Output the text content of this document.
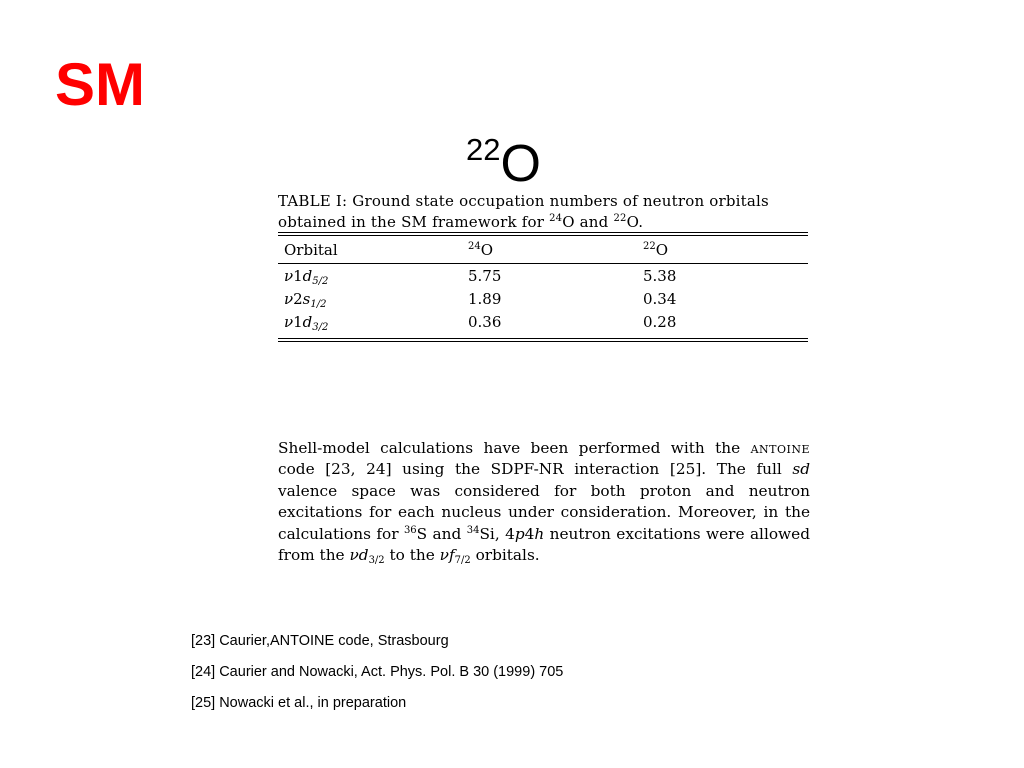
SM
$^{22}$O
TABLE I: Ground state occupation numbers of neutron orbitals obtained in the SM framework for $^{24}$O and $^{22}$O.
Orbital	$^{24}$O	$^{22}$O
$\nu 1d_{5/2}$	5.75	5.38
$\nu 2s_{1/2}$	1.89	0.34
$\nu 1d_{3/2}$	0.36	0.28
Shell-model calculations have been performed with the antoine code [23, 24] using the SDPF-NR interaction [25]. The full sd valence space was considered for both proton and neutron excitations for each nucleus under consideration. Moreover, in the calculations for $^{36}$S and $^{34}$Si, 4p4h neutron excitations were allowed from the $\nu d_{3/2}$ to the $\nu f_{7/2}$ orbitals.
[23] Caurier,ANTOINE code, Strasbourg
[24] Caurier and Nowacki, Act. Phys. Pol. B 30 (1999) 705
[25] Nowacki et al., in preparation
